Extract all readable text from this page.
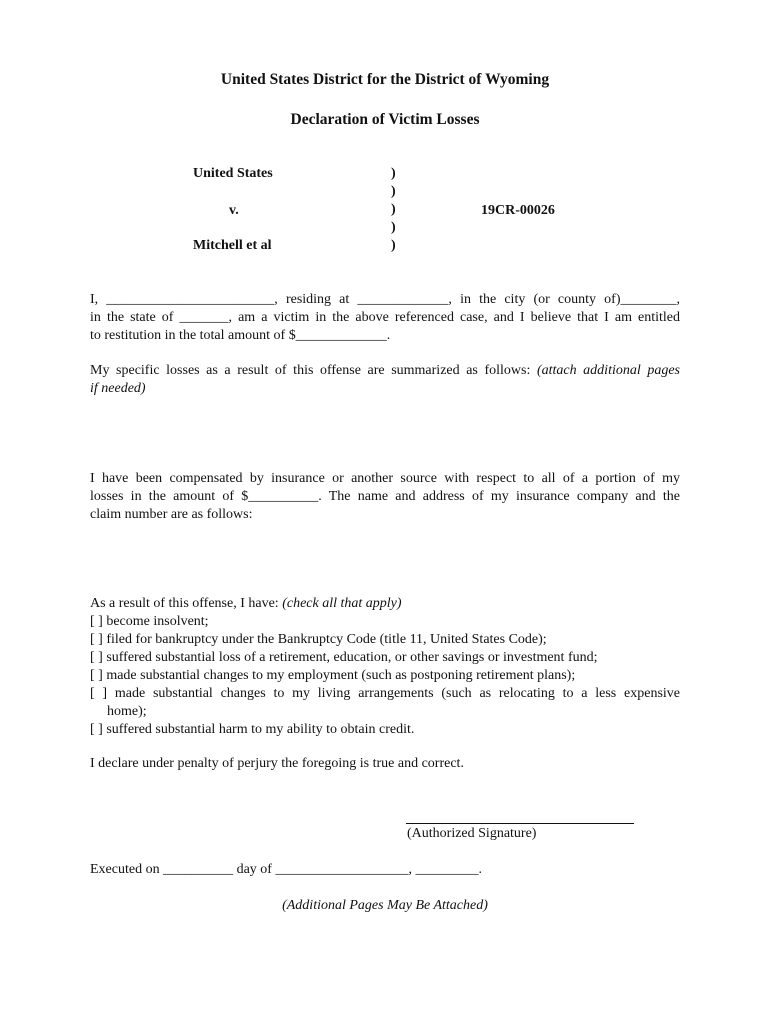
United States District for the District of Wyoming
Declaration of Victim Losses
United States
v.
Mitchell et al
)
)
)
)
)
19CR-00026
I, ________________________, residing at _____________, in the city (or county of)________,
in the state of _______, am a victim in the above referenced case, and I believe that I am entitled
to restitution in the total amount of $_____________.
My specific losses as a result of this offense are summarized as follows: (attach additional pages
if needed)
I have been compensated by insurance or another source with respect to all of a portion of my
losses in the amount of $__________. The name and address of my insurance company and the
claim number are as follows:
As a result of this offense, I have: (check all that apply)
[ ] become insolvent;
[ ] filed for bankruptcy under the Bankruptcy Code (title 11, United States Code);
[ ] suffered substantial loss of a retirement, education, or other savings or investment fund;
[ ] made substantial changes to my employment (such as postponing retirement plans);
[ ] made substantial changes to my living arrangements (such as relocating to a less expensive
home);
[ ] suffered substantial harm to my ability to obtain credit.
I declare under penalty of perjury the foregoing is true and correct.
(Authorized Signature)
Executed on __________ day of ___________________, _________.
(Additional Pages May Be Attached)
